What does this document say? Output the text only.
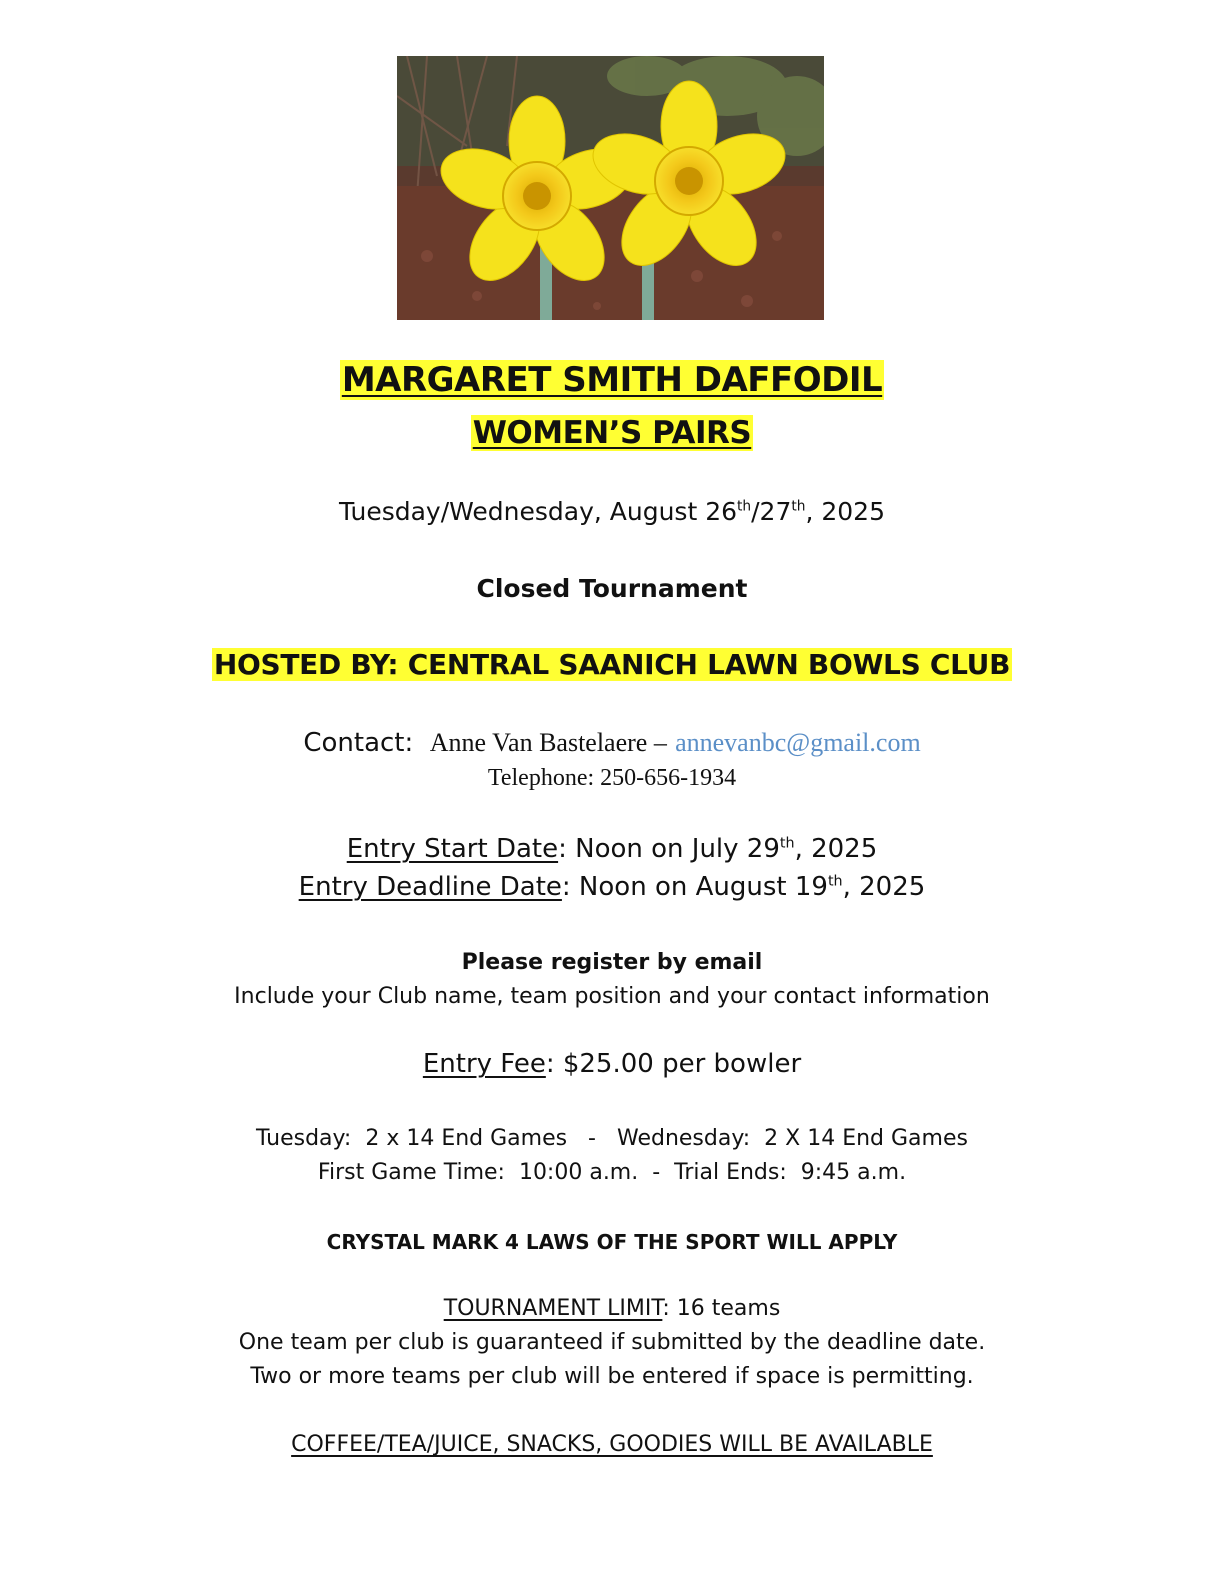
MARGARET SMITH DAFFODIL
WOMEN’S PAIRS
Tuesday/Wednesday, August 26th/27th, 2025
Closed Tournament
HOSTED BY: CENTRAL SAANICH LAWN BOWLS CLUB
Contact: Anne Van Bastelaere – annevanbc@gmail.com
Telephone: 250-656-1934
Entry Start Date: Noon on July 29th, 2025
Entry Deadline Date: Noon on August 19th, 2025
Please register by email
Include your Club name, team position and your contact information
Entry Fee: $25.00 per bowler
Tuesday:  2 x 14 End Games   -   Wednesday:  2 X 14 End Games
First Game Time:  10:00 a.m.  -  Trial Ends:  9:45 a.m.
CRYSTAL MARK 4 LAWS OF THE SPORT WILL APPLY
TOURNAMENT LIMIT: 16 teams
One team per club is guaranteed if submitted by the deadline date.
Two or more teams per club will be entered if space is permitting.
COFFEE/TEA/JUICE, SNACKS, GOODIES WILL BE AVAILABLE
